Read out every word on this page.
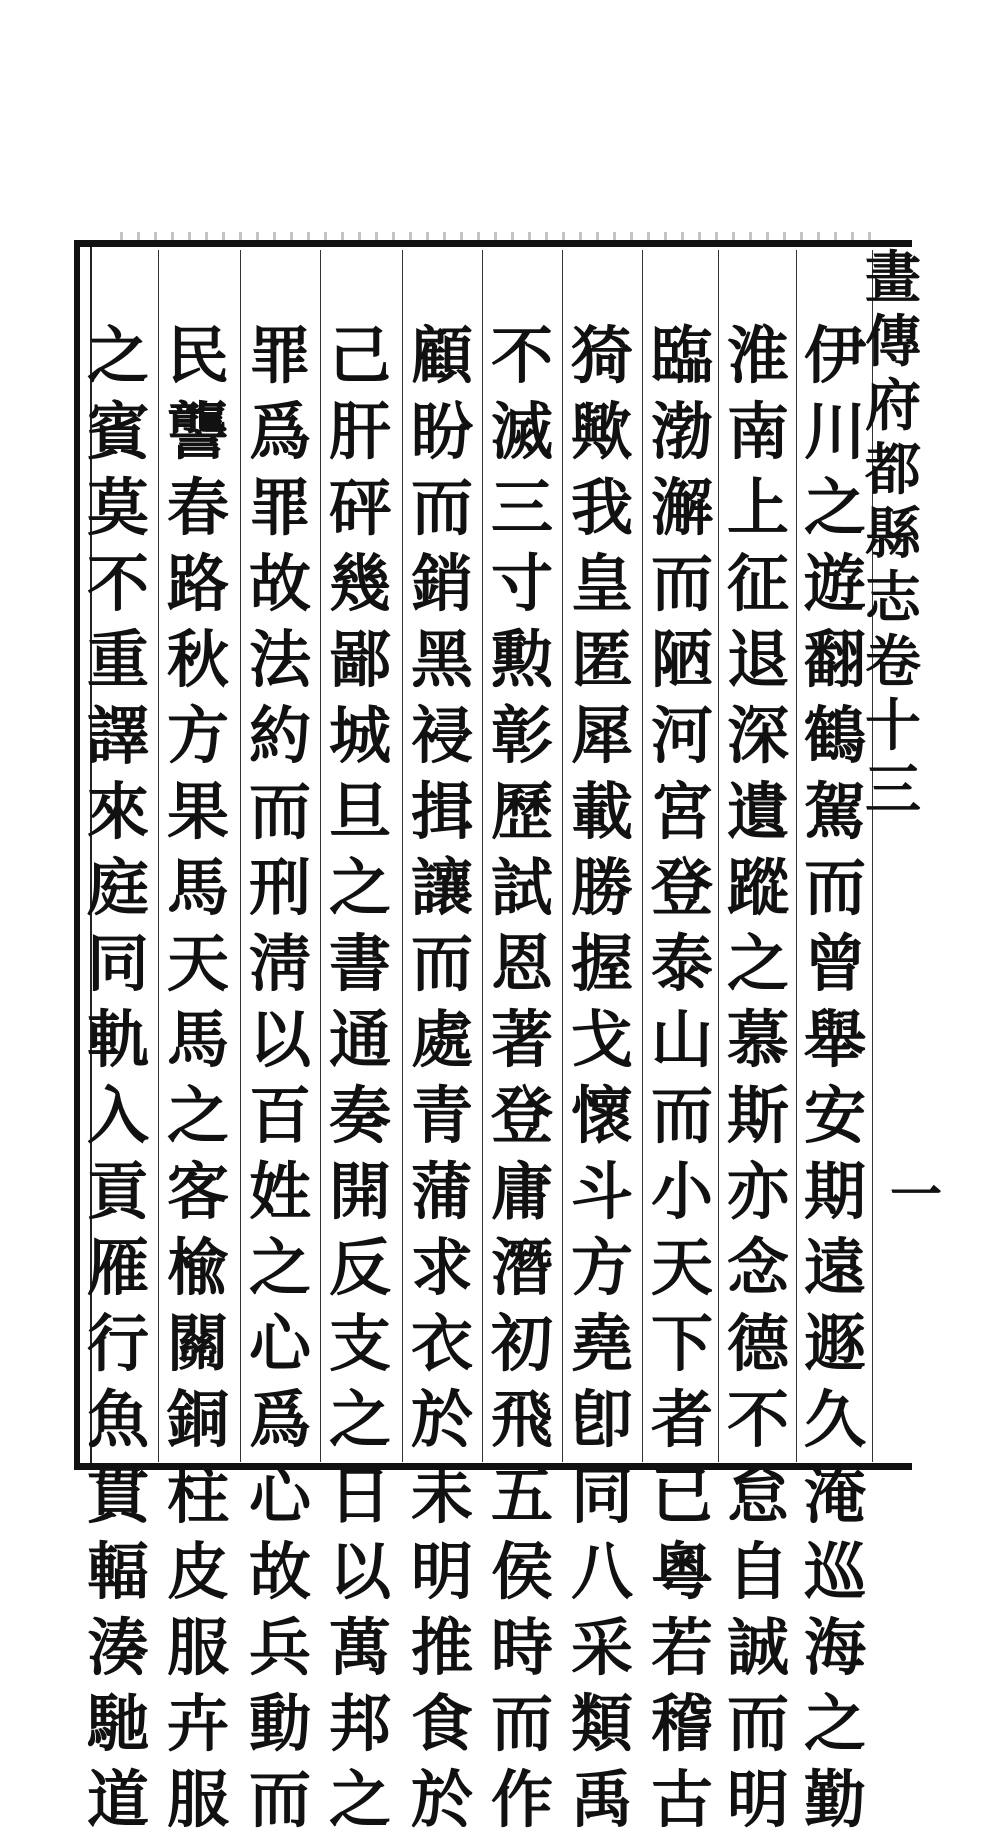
畫
傳
府
都
縣
志
卷
十
三
一
伊
川
之
遊
翻
鶴
駕
而
曾
舉
安
期
遠
遯
久
淹
巡
海
之
勤
淮
南
上
征
退
深
遺
蹤
之
慕
斯
亦
念
德
不
怠
自
誠
而
明
臨
渤
澥
而
陋
河
宮
登
泰
山
而
小
天
下
者
已
粵
若
稽
古
猗
歟
我
皇
匿
犀
載
勝
握
戈
懷
斗
方
堯
卽
同
八
采
類
禹
不
滅
三
寸
勲
彰
歷
試
恩
著
登
庸
潛
初
飛
五
侯
時
而
作
顧
盼
而
銷
黑
祲
揖
讓
而
處
青
蒲
求
衣
於
未
明
推
食
於
己
肝
砰
幾
鄙
城
旦
之
書
通
奏
開
反
支
之
日
以
萬
邦
之
罪
爲
罪
故
法
約
而
刑
淸
以
百
姓
之
心
爲
心
故
兵
動
而
民
讋
春
路
秋
方
果
馬
天
馬
之
客
楡
關
銅
柱
皮
服
卉
服
之
賓
莫
不
重
譯
來
庭
同
軌
入
貢
雁
行
魚
貫
輻
湊
馳
道
